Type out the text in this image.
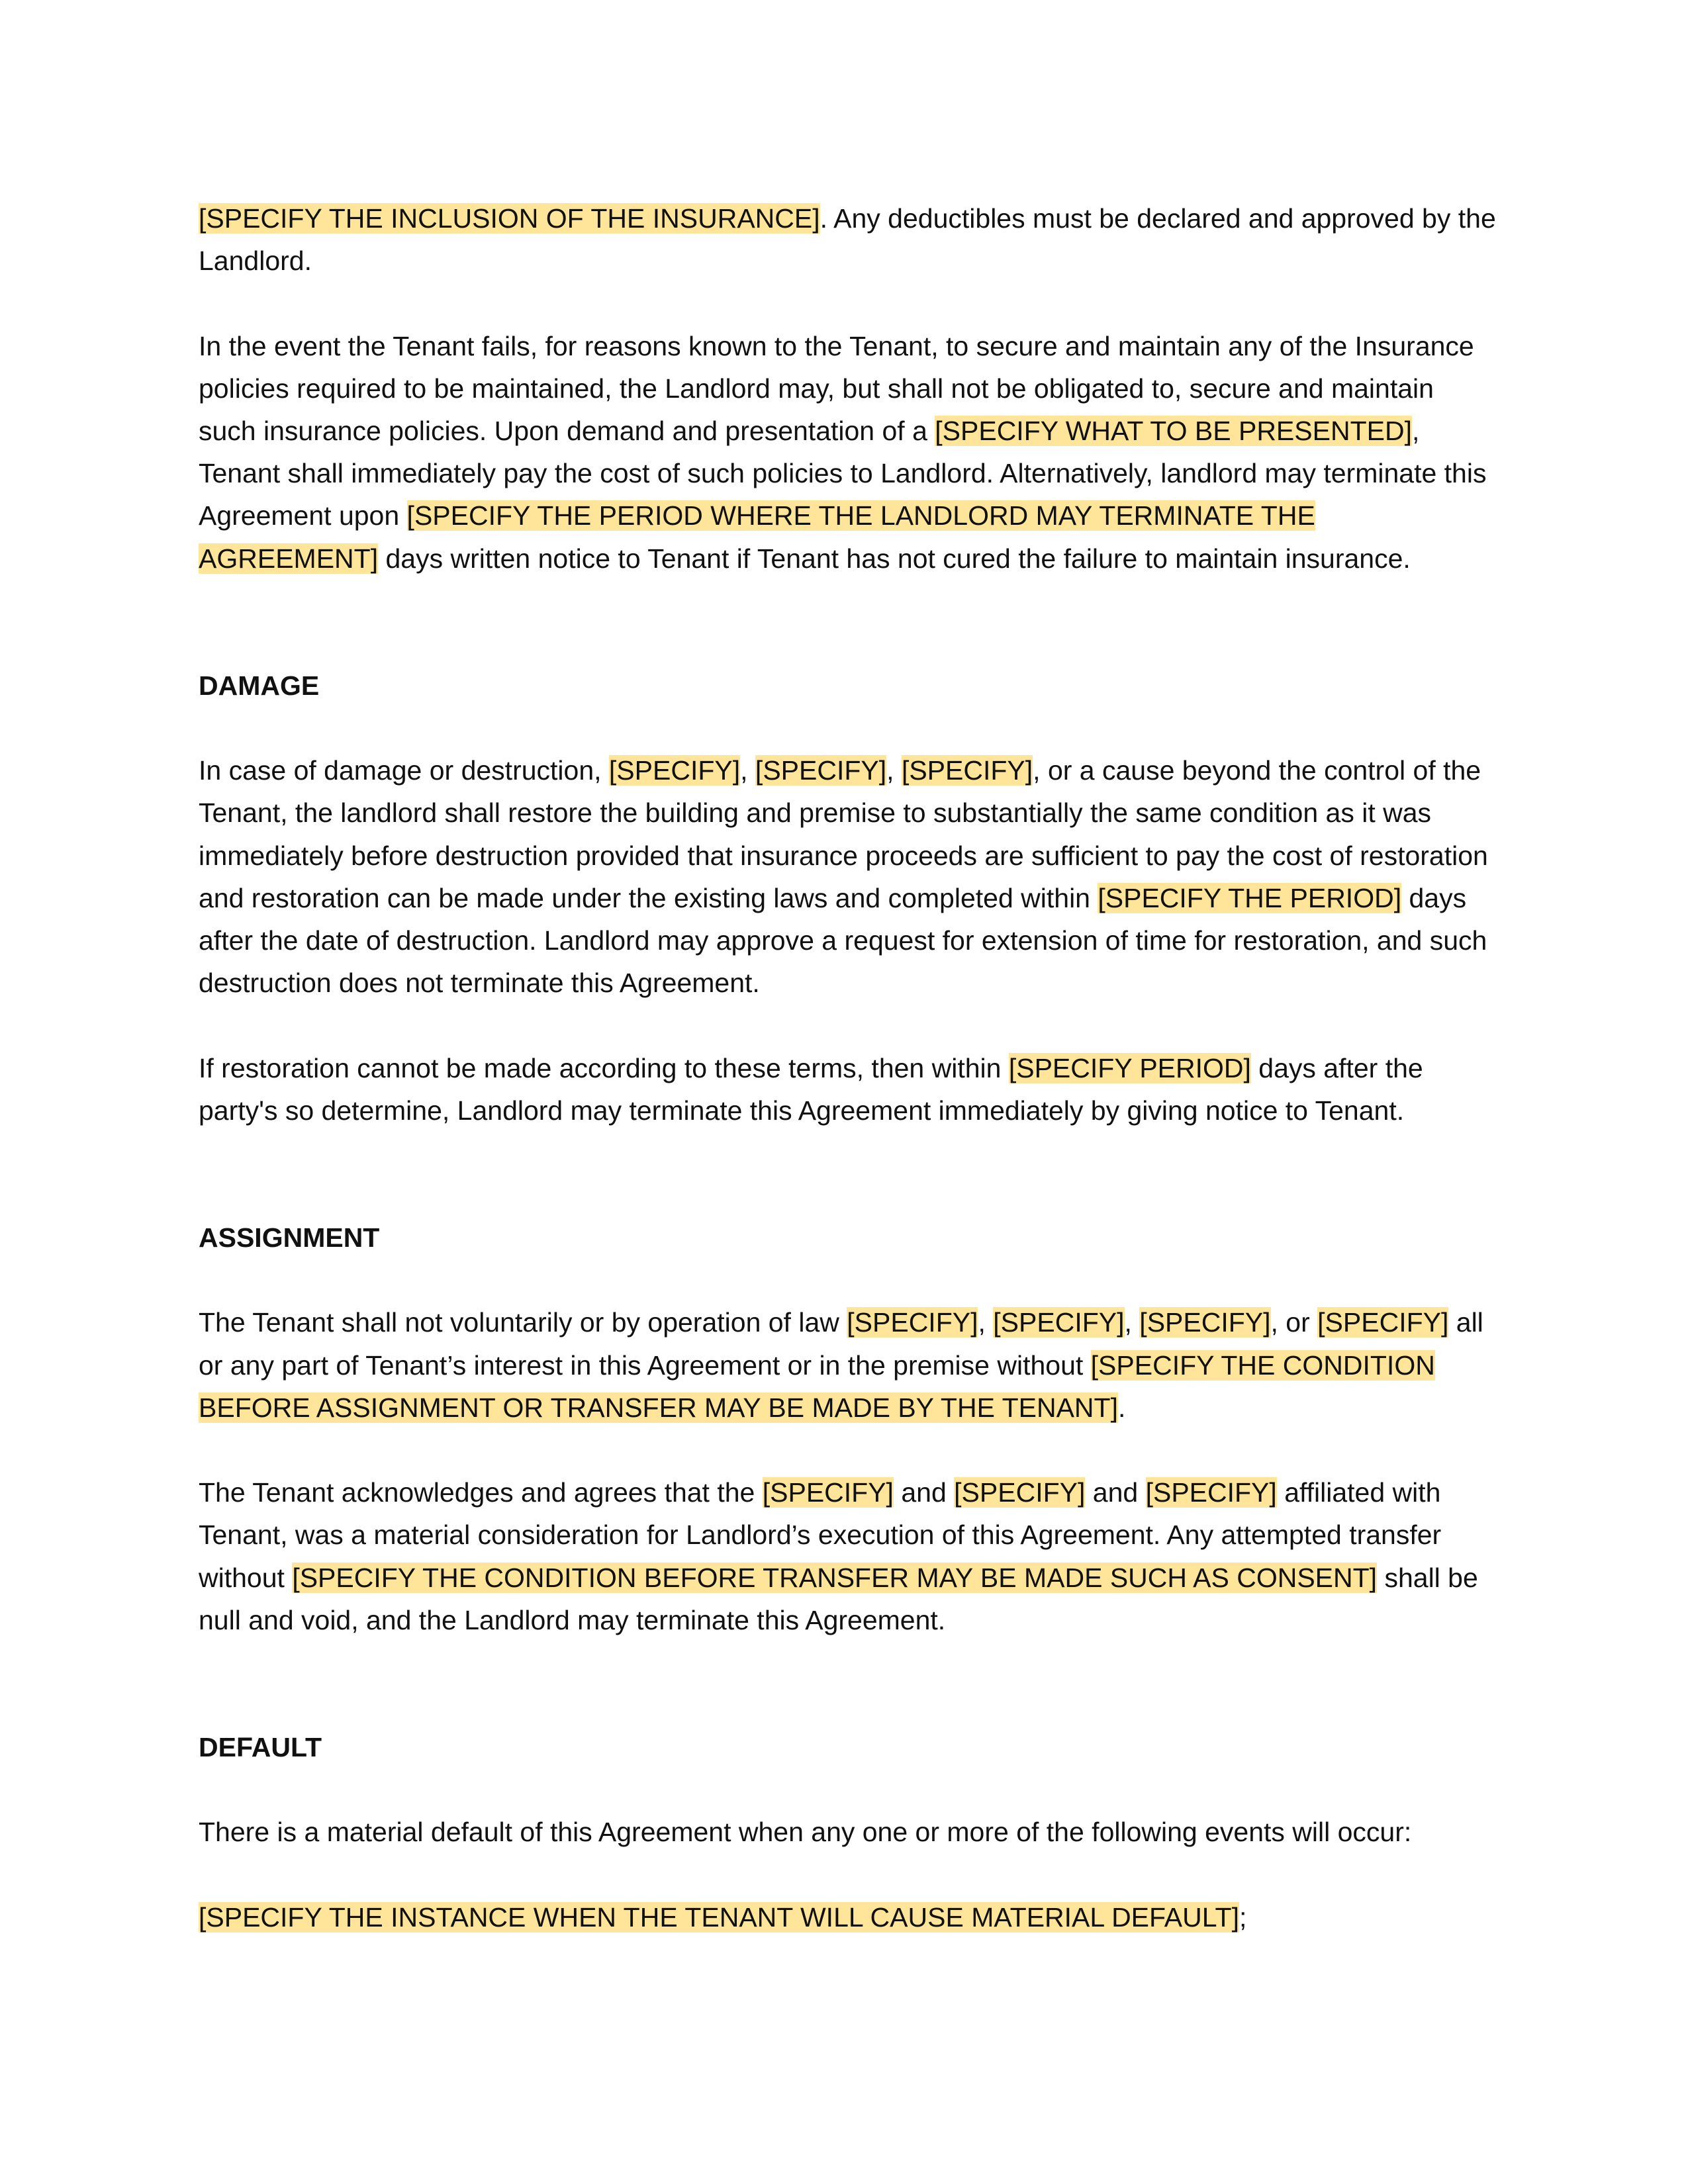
[SPECIFY THE INCLUSION OF THE INSURANCE]. Any deductibles must be declared and approved by the Landlord.

In the event the Tenant fails, for reasons known to the Tenant, to secure and maintain any of the Insurance policies required to be maintained, the Landlord may, but shall not be obligated to, secure and maintain such insurance policies. Upon demand and presentation of a [SPECIFY WHAT TO BE PRESENTED], Tenant shall immediately pay the cost of such policies to Landlord. Alternatively, landlord may terminate this Agreement upon [SPECIFY THE PERIOD WHERE THE LANDLORD MAY TERMINATE THE AGREEMENT] days written notice to Tenant if Tenant has not cured the failure to maintain insurance.

DAMAGE

In case of damage or destruction, [SPECIFY], [SPECIFY], [SPECIFY], or a cause beyond the control of the Tenant, the landlord shall restore the building and premise to substantially the same condition as it was immediately before destruction provided that insurance proceeds are sufficient to pay the cost of restoration and restoration can be made under the existing laws and completed within [SPECIFY THE PERIOD] days after the date of destruction. Landlord may approve a request for extension of time for restoration, and such destruction does not terminate this Agreement.

If restoration cannot be made according to these terms, then within [SPECIFY PERIOD] days after the party's so determine, Landlord may terminate this Agreement immediately by giving notice to Tenant.

ASSIGNMENT

The Tenant shall not voluntarily or by operation of law [SPECIFY], [SPECIFY], [SPECIFY], or [SPECIFY] all or any part of Tenant’s interest in this Agreement or in the premise without [SPECIFY THE CONDITION BEFORE ASSIGNMENT OR TRANSFER MAY BE MADE BY THE TENANT].

The Tenant acknowledges and agrees that the [SPECIFY] and [SPECIFY] and [SPECIFY] affiliated with Tenant, was a material consideration for Landlord’s execution of this Agreement. Any attempted transfer without [SPECIFY THE CONDITION BEFORE TRANSFER MAY BE MADE SUCH AS CONSENT] shall be null and void, and the Landlord may terminate this Agreement.

DEFAULT

There is a material default of this Agreement when any one or more of the following events will occur:

[SPECIFY THE INSTANCE WHEN THE TENANT WILL CAUSE MATERIAL DEFAULT];
